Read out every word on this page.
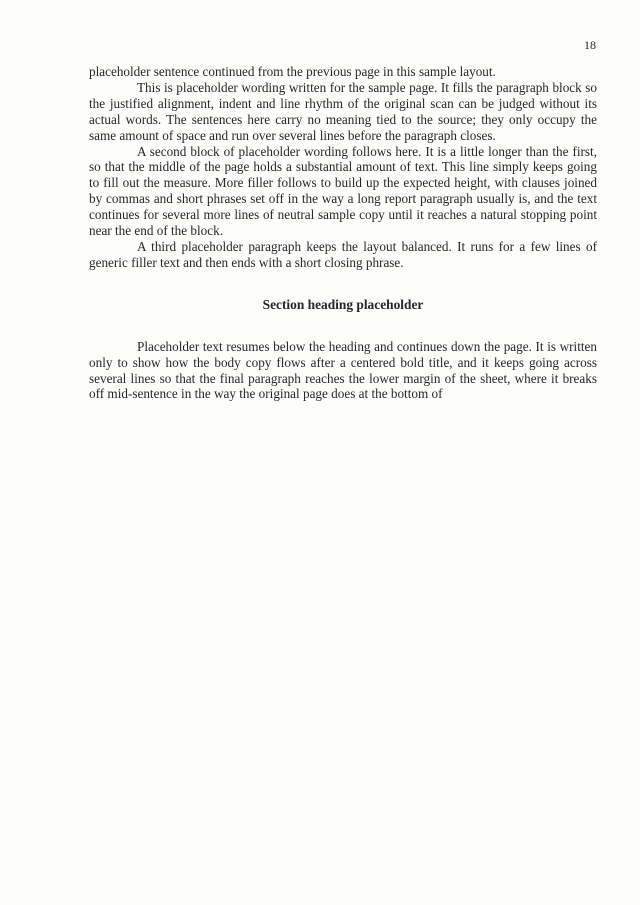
18

placeholder sentence continued from the previous page in this sample layout.

This is placeholder wording written for the sample page. It fills the paragraph block so the justified alignment, indent and line rhythm of the original scan can be judged without its actual words. The sentences here carry no meaning tied to the source; they only occupy the same amount of space and run over several lines before the paragraph closes.

A second block of placeholder wording follows here. It is a little longer than the first, so that the middle of the page holds a substantial amount of text. This line simply keeps going to fill out the measure. More filler follows to build up the expected height, with clauses joined by commas and short phrases set off in the way a long report paragraph usually is, and the text continues for several more lines of neutral sample copy until it reaches a natural stopping point near the end of the block.

A third placeholder paragraph keeps the layout balanced. It runs for a few lines of generic filler text and then ends with a short closing phrase.

Section heading placeholder

Placeholder text resumes below the heading and continues down the page. It is written only to show how the body copy flows after a centered bold title, and it keeps going across several lines so that the final paragraph reaches the lower margin of the sheet, where it breaks off mid-sentence in the way the original page does at the bottom of
